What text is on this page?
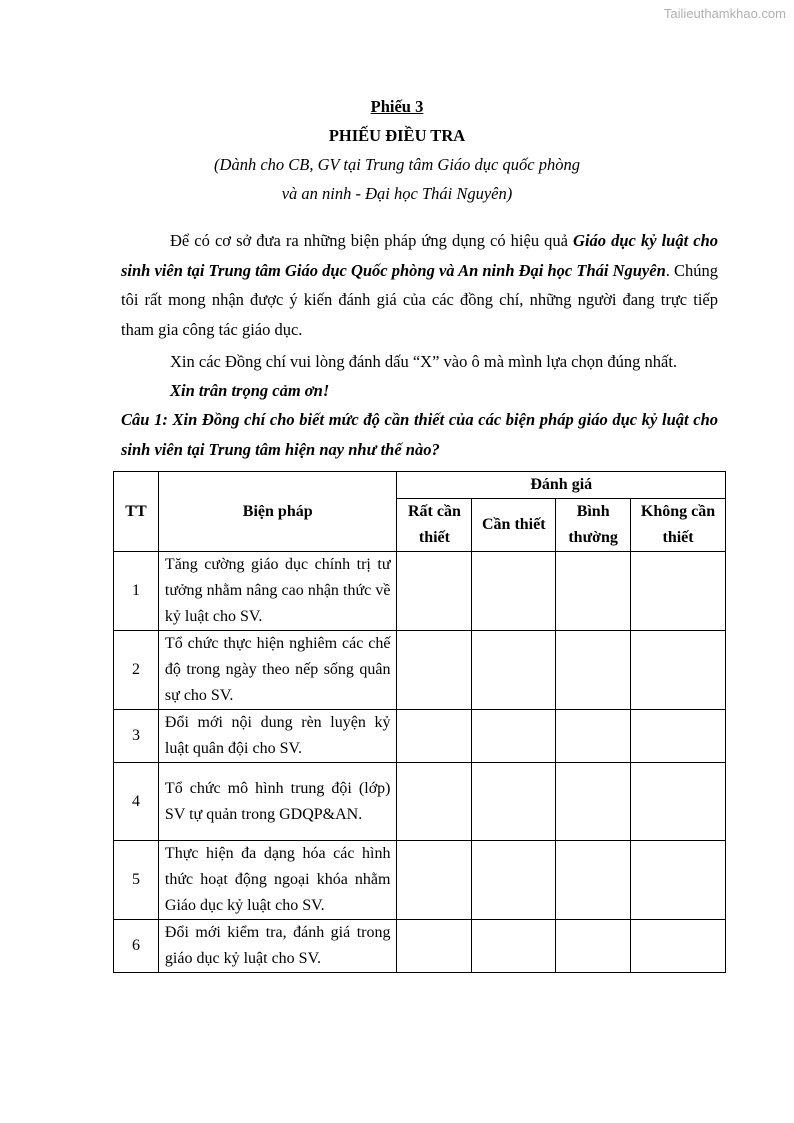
Tailieuthamkhao.com
Phiếu 3
PHIẾU ĐIỀU TRA
(Dành cho CB, GV tại Trung tâm Giáo dục quốc phòng
và an ninh - Đại học Thái Nguyên)
Để có cơ sở đưa ra những biện pháp ứng dụng có hiệu quả Giáo dục kỷ luật cho sinh viên tại Trung tâm Giáo dục Quốc phòng và An ninh Đại học Thái Nguyên. Chúng tôi rất mong nhận được ý kiến đánh giá của các đồng chí, những người đang trực tiếp tham gia công tác giáo dục.
Xin các Đồng chí vui lòng đánh dấu “X” vào ô mà mình lựa chọn đúng nhất.
Xin trân trọng cảm ơn!
Câu 1: Xin Đồng chí cho biết mức độ cần thiết của các biện pháp giáo dục kỷ luật cho sinh viên tại Trung tâm hiện nay như thế nào?
TT	Biện pháp	Đánh giá			
		Rất cần thiết	Cần thiết	Bình thường	Không cần thiết
1	Tăng cường giáo dục chính trị tư tưởng nhằm nâng cao nhận thức về kỷ luật cho SV.				
2	Tổ chức thực hiện nghiêm các chế độ trong ngày theo nếp sống quân sự cho SV.				
3	Đổi mới nội dung rèn luyện kỷ luật quân đội cho SV.				
4	Tổ chức mô hình trung đội (lớp) SV tự quản trong GDQP&AN.				
5	Thực hiện đa dạng hóa các hình thức hoạt động ngoại khóa nhằm Giáo dục kỷ luật cho SV.				
6	Đổi mới kiểm tra, đánh giá trong giáo dục kỷ luật cho SV.				
